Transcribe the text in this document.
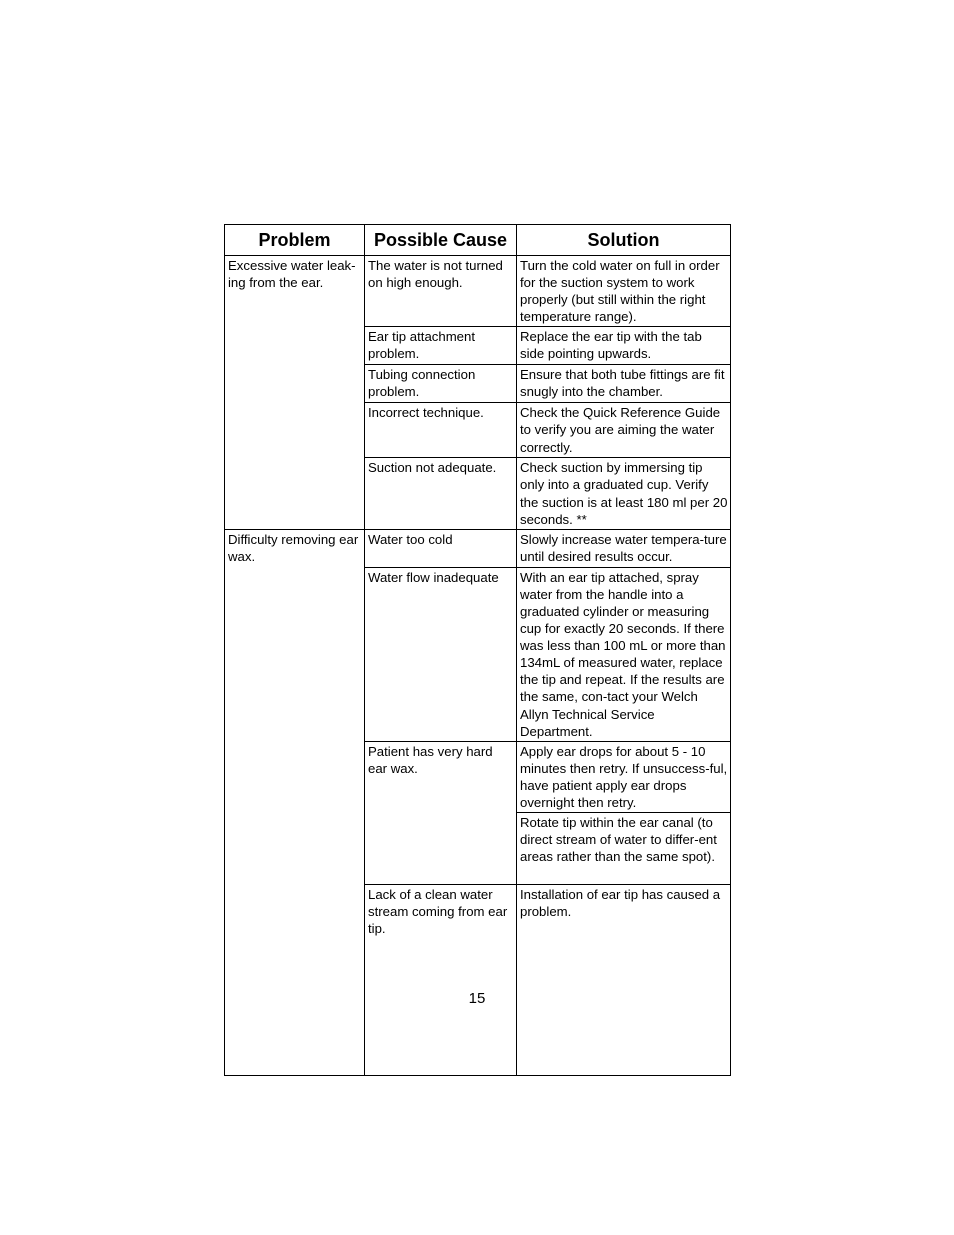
Problem	Possible Cause	Solution	
Excessive water leak-ing from the ear.	The water is not turned on high enough.	Turn the cold water on full in order for the suction system to work properly (but still within the right temperature range).	
	Ear tip attachment problem.	Replace the ear tip with the tab side pointing upwards.	
	Tubing connection problem.	Ensure that both tube fittings are fit snugly into the chamber.	
	Incorrect technique.	Check the Quick Reference Guide to verify you are aiming the water correctly.	
	Suction not adequate.	Check suction by immersing tip only into a graduated cup. Verify the suction is at least 180 ml per 20 seconds. **	
Difficulty removing ear wax.	Water too cold	Slowly increase water tempera-ture until desired results occur.	
	Water flow inadequate	With an ear tip attached, spray water from the handle into a graduated cylinder or measuring cup for exactly 20 seconds. If there was less than 100 mL or more than 134mL of measured water, replace the tip and repeat. If the results are the same, con-tact your Welch Allyn Technical Service Department.	
	Patient has very hard ear wax.	Apply ear drops for about 5 - 10 minutes then retry. If unsuccess-ful, have patient apply ear drops overnight then retry.	
		Rotate tip within the ear canal (to direct stream of water to differ-ent areas rather than the same spot).	
	Lack of a clean water stream coming from ear tip.	Installation of ear tip has caused a problem.	
15
